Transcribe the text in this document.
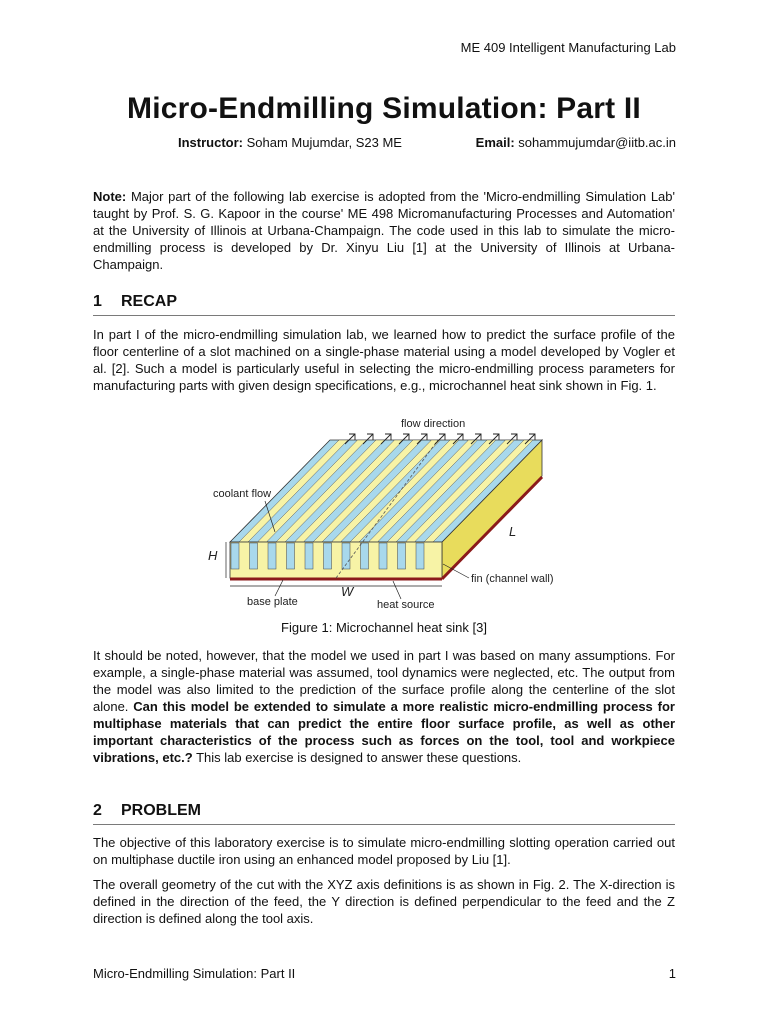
ME 409 Intelligent Manufacturing Lab
Micro-Endmilling Simulation: Part II
Instructor: Soham Mujumdar, S23 ME	Email: sohammujumdar@iitb.ac.in

Note: Major part of the following lab exercise is adopted from the 'Micro-endmilling Simulation Lab' taught by Prof. S. G. Kapoor in the course' ME 498 Micromanufacturing Processes and Automation' at the University of Illinois at Urbana-Champaign. The code used in this lab to simulate the micro-endmilling process is developed by Dr. Xinyu Liu [1] at the University of Illinois at Urbana-Champaign.

1 RECAP

In part I of the micro-endmilling simulation lab, we learned how to predict the surface profile of the floor centerline of a slot machined on a single-phase material using a model developed by Vogler et al. [2]. Such a model is particularly useful in selecting the micro-endmilling process parameters for manufacturing parts with given design specifications, e.g., microchannel heat sink shown in Fig. 1.

flow direction
coolant flow
H
L
W
fin (channel wall)
base plate	heat source
Figure 1: Microchannel heat sink [3]

It should be noted, however, that the model we used in part I was based on many assumptions. For example, a single-phase material was assumed, tool dynamics were neglected, etc. The output from the model was also limited to the prediction of the surface profile along the centerline of the slot alone. Can this model be extended to simulate a more realistic micro-endmilling process for multiphase materials that can predict the entire floor surface profile, as well as other important characteristics of the process such as forces on the tool, tool and workpiece vibrations, etc.? This lab exercise is designed to answer these questions.

2 PROBLEM

The objective of this laboratory exercise is to simulate micro-endmilling slotting operation carried out on multiphase ductile iron using an enhanced model proposed by Liu [1].

The overall geometry of the cut with the XYZ axis definitions is as shown in Fig. 2. The X-direction is defined in the direction of the feed, the Y direction is defined perpendicular to the feed and the Z direction is defined along the tool axis.

Micro-Endmilling Simulation: Part II	1
